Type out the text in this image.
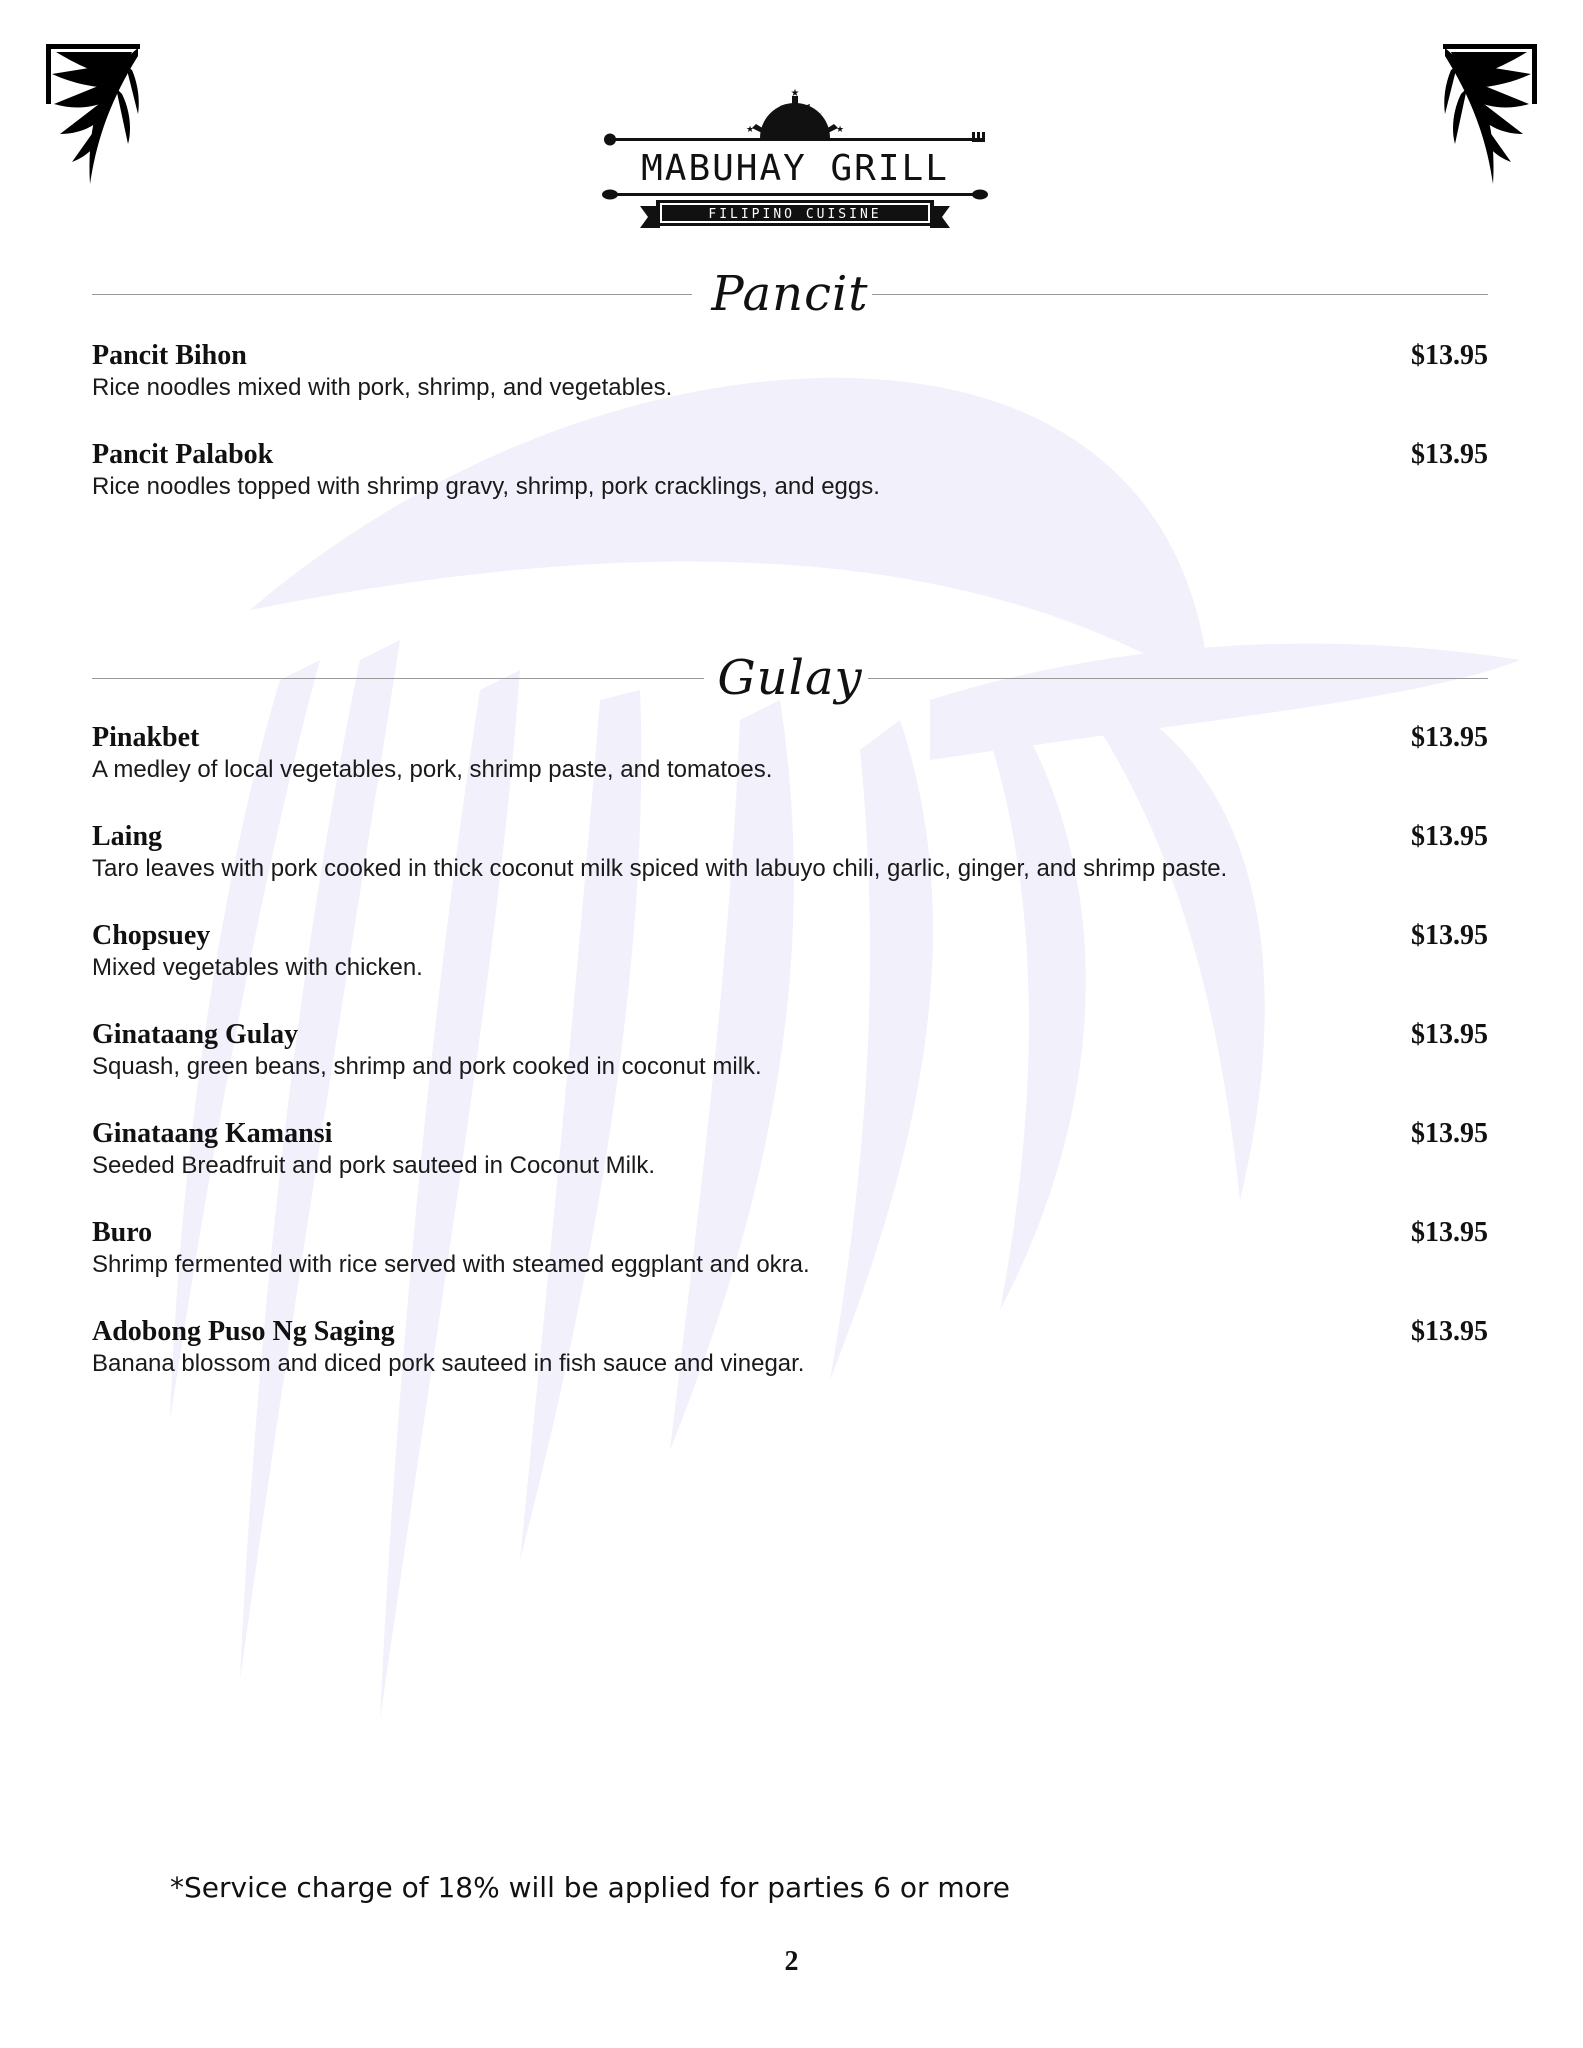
★
★	★
MABUHAY GRILL
FILIPINO CUISINE
Pancit
Pancit Bihon	$13.95
Rice noodles mixed with pork, shrimp, and vegetables.
Pancit Palabok	$13.95
Rice noodles topped with shrimp gravy, shrimp, pork cracklings, and eggs.
Gulay
Pinakbet	$13.95
A medley of local vegetables, pork, shrimp paste, and tomatoes.
Laing	$13.95
Taro leaves with pork cooked in thick coconut milk spiced with labuyo chili, garlic, ginger, and shrimp paste.
Chopsuey	$13.95
Mixed vegetables with chicken.
Ginataang Gulay	$13.95
Squash, green beans, shrimp and pork cooked in coconut milk.
Ginataang Kamansi	$13.95
Seeded Breadfruit and pork sauteed in Coconut Milk.
Buro	$13.95
Shrimp fermented with rice served with steamed eggplant and okra.
Adobong Puso Ng Saging	$13.95
Banana blossom and diced pork sauteed in fish sauce and vinegar.
*Service charge of 18% will be applied for parties 6 or more
2
